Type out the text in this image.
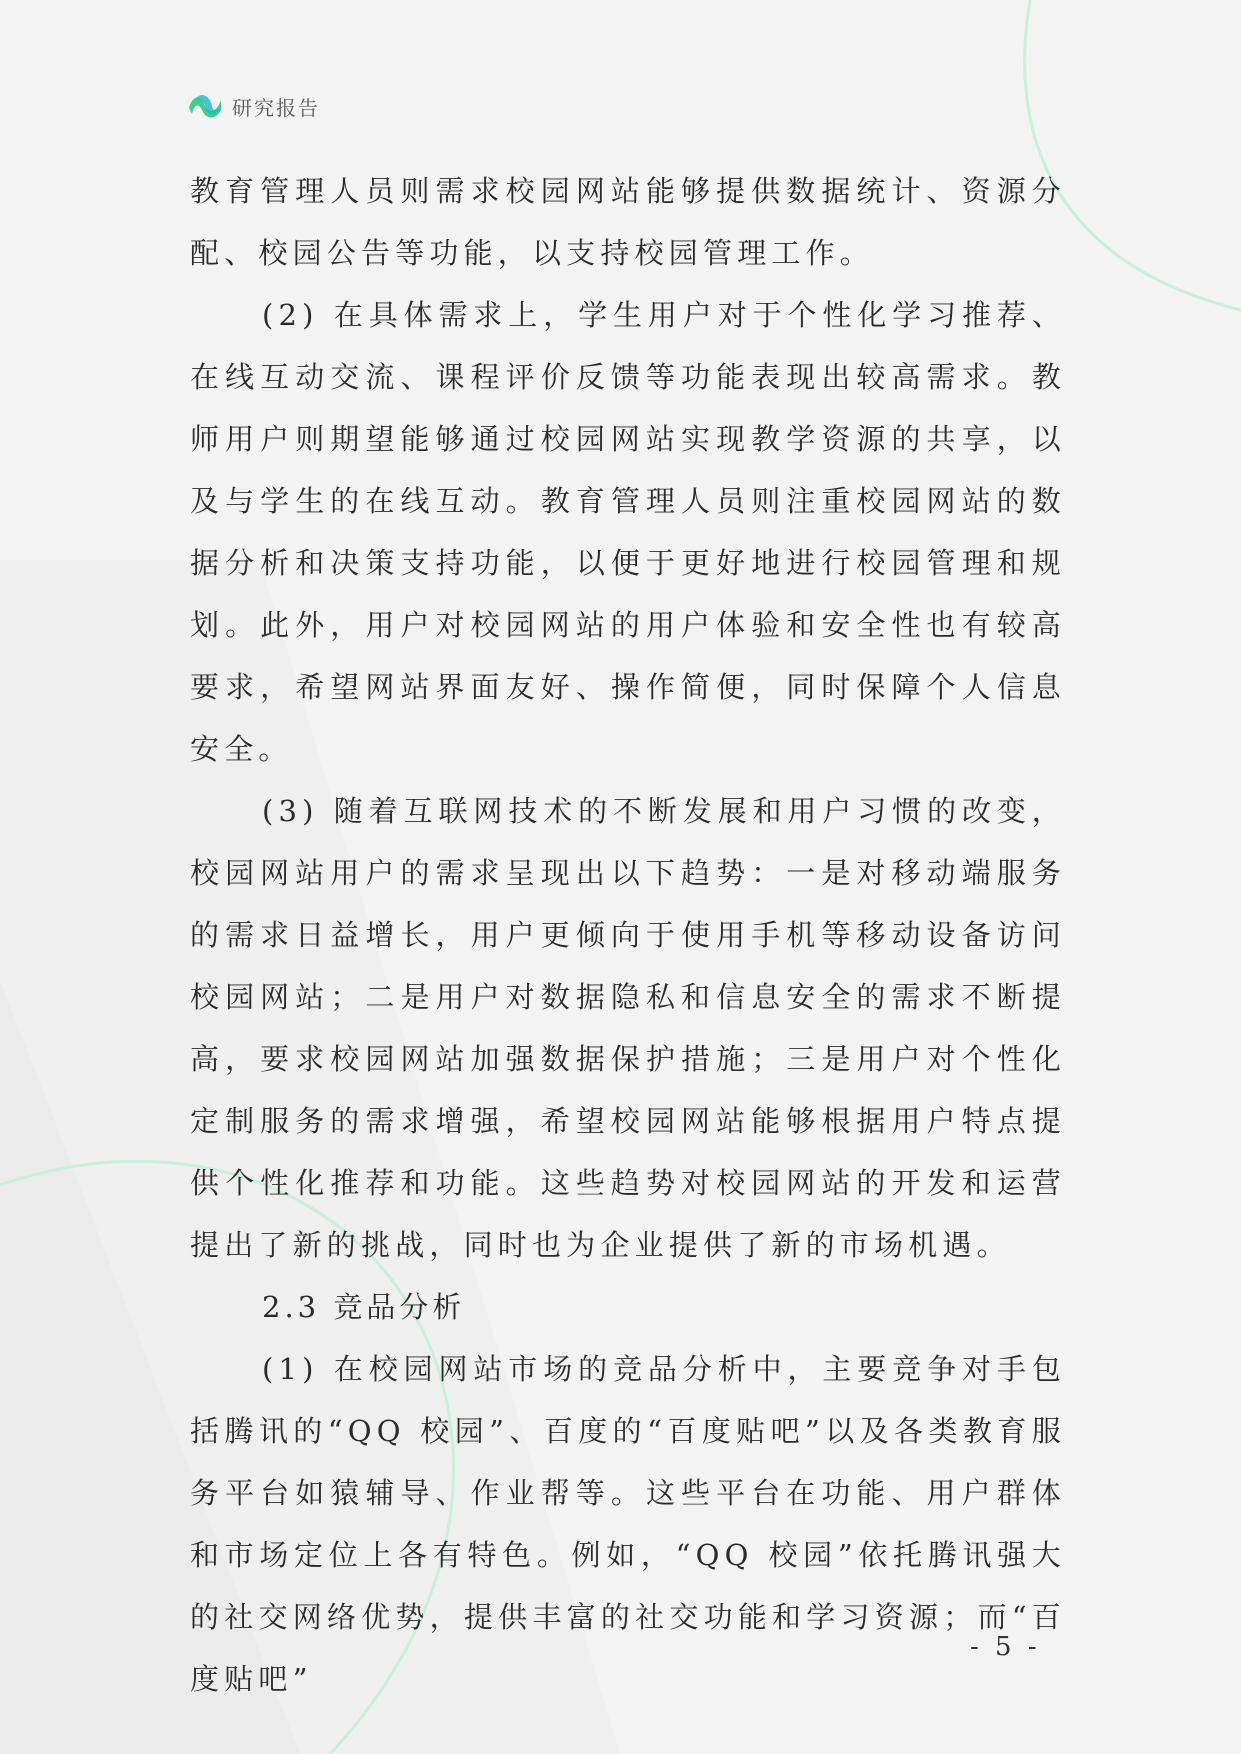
研究报告

教育管理人员则需求校园网站能够提供数据统计、资源分配、校园公告等功能，以支持校园管理工作。

(2) 在具体需求上，学生用户对于个性化学习推荐、在线互动交流、课程评价反馈等功能表现出较高需求。教师用户则期望能够通过校园网站实现教学资源的共享，以及与学生的在线互动。教育管理人员则注重校园网站的数据分析和决策支持功能，以便于更好地进行校园管理和规划。此外，用户对校园网站的用户体验和安全性也有较高要求，希望网站界面友好、操作简便，同时保障个人信息安全。

(3) 随着互联网技术的不断发展和用户习惯的改变，校园网站用户的需求呈现出以下趋势：一是对移动端服务的需求日益增长，用户更倾向于使用手机等移动设备访问校园网站；二是用户对数据隐私和信息安全的需求不断提高，要求校园网站加强数据保护措施；三是用户对个性化定制服务的需求增强，希望校园网站能够根据用户特点提供个性化推荐和功能。这些趋势对校园网站的开发和运营提出了新的挑战，同时也为企业提供了新的市场机遇。

2.3 竞品分析

(1) 在校园网站市场的竞品分析中，主要竞争对手包括腾讯的“QQ 校园”、百度的“百度贴吧”以及各类教育服务平台如猿辅导、作业帮等。这些平台在功能、用户群体和市场定位上各有特色。例如，“QQ 校园”依托腾讯强大的社交网络优势，提供丰富的社交功能和学习资源；而“百度贴吧”

- 5 -
